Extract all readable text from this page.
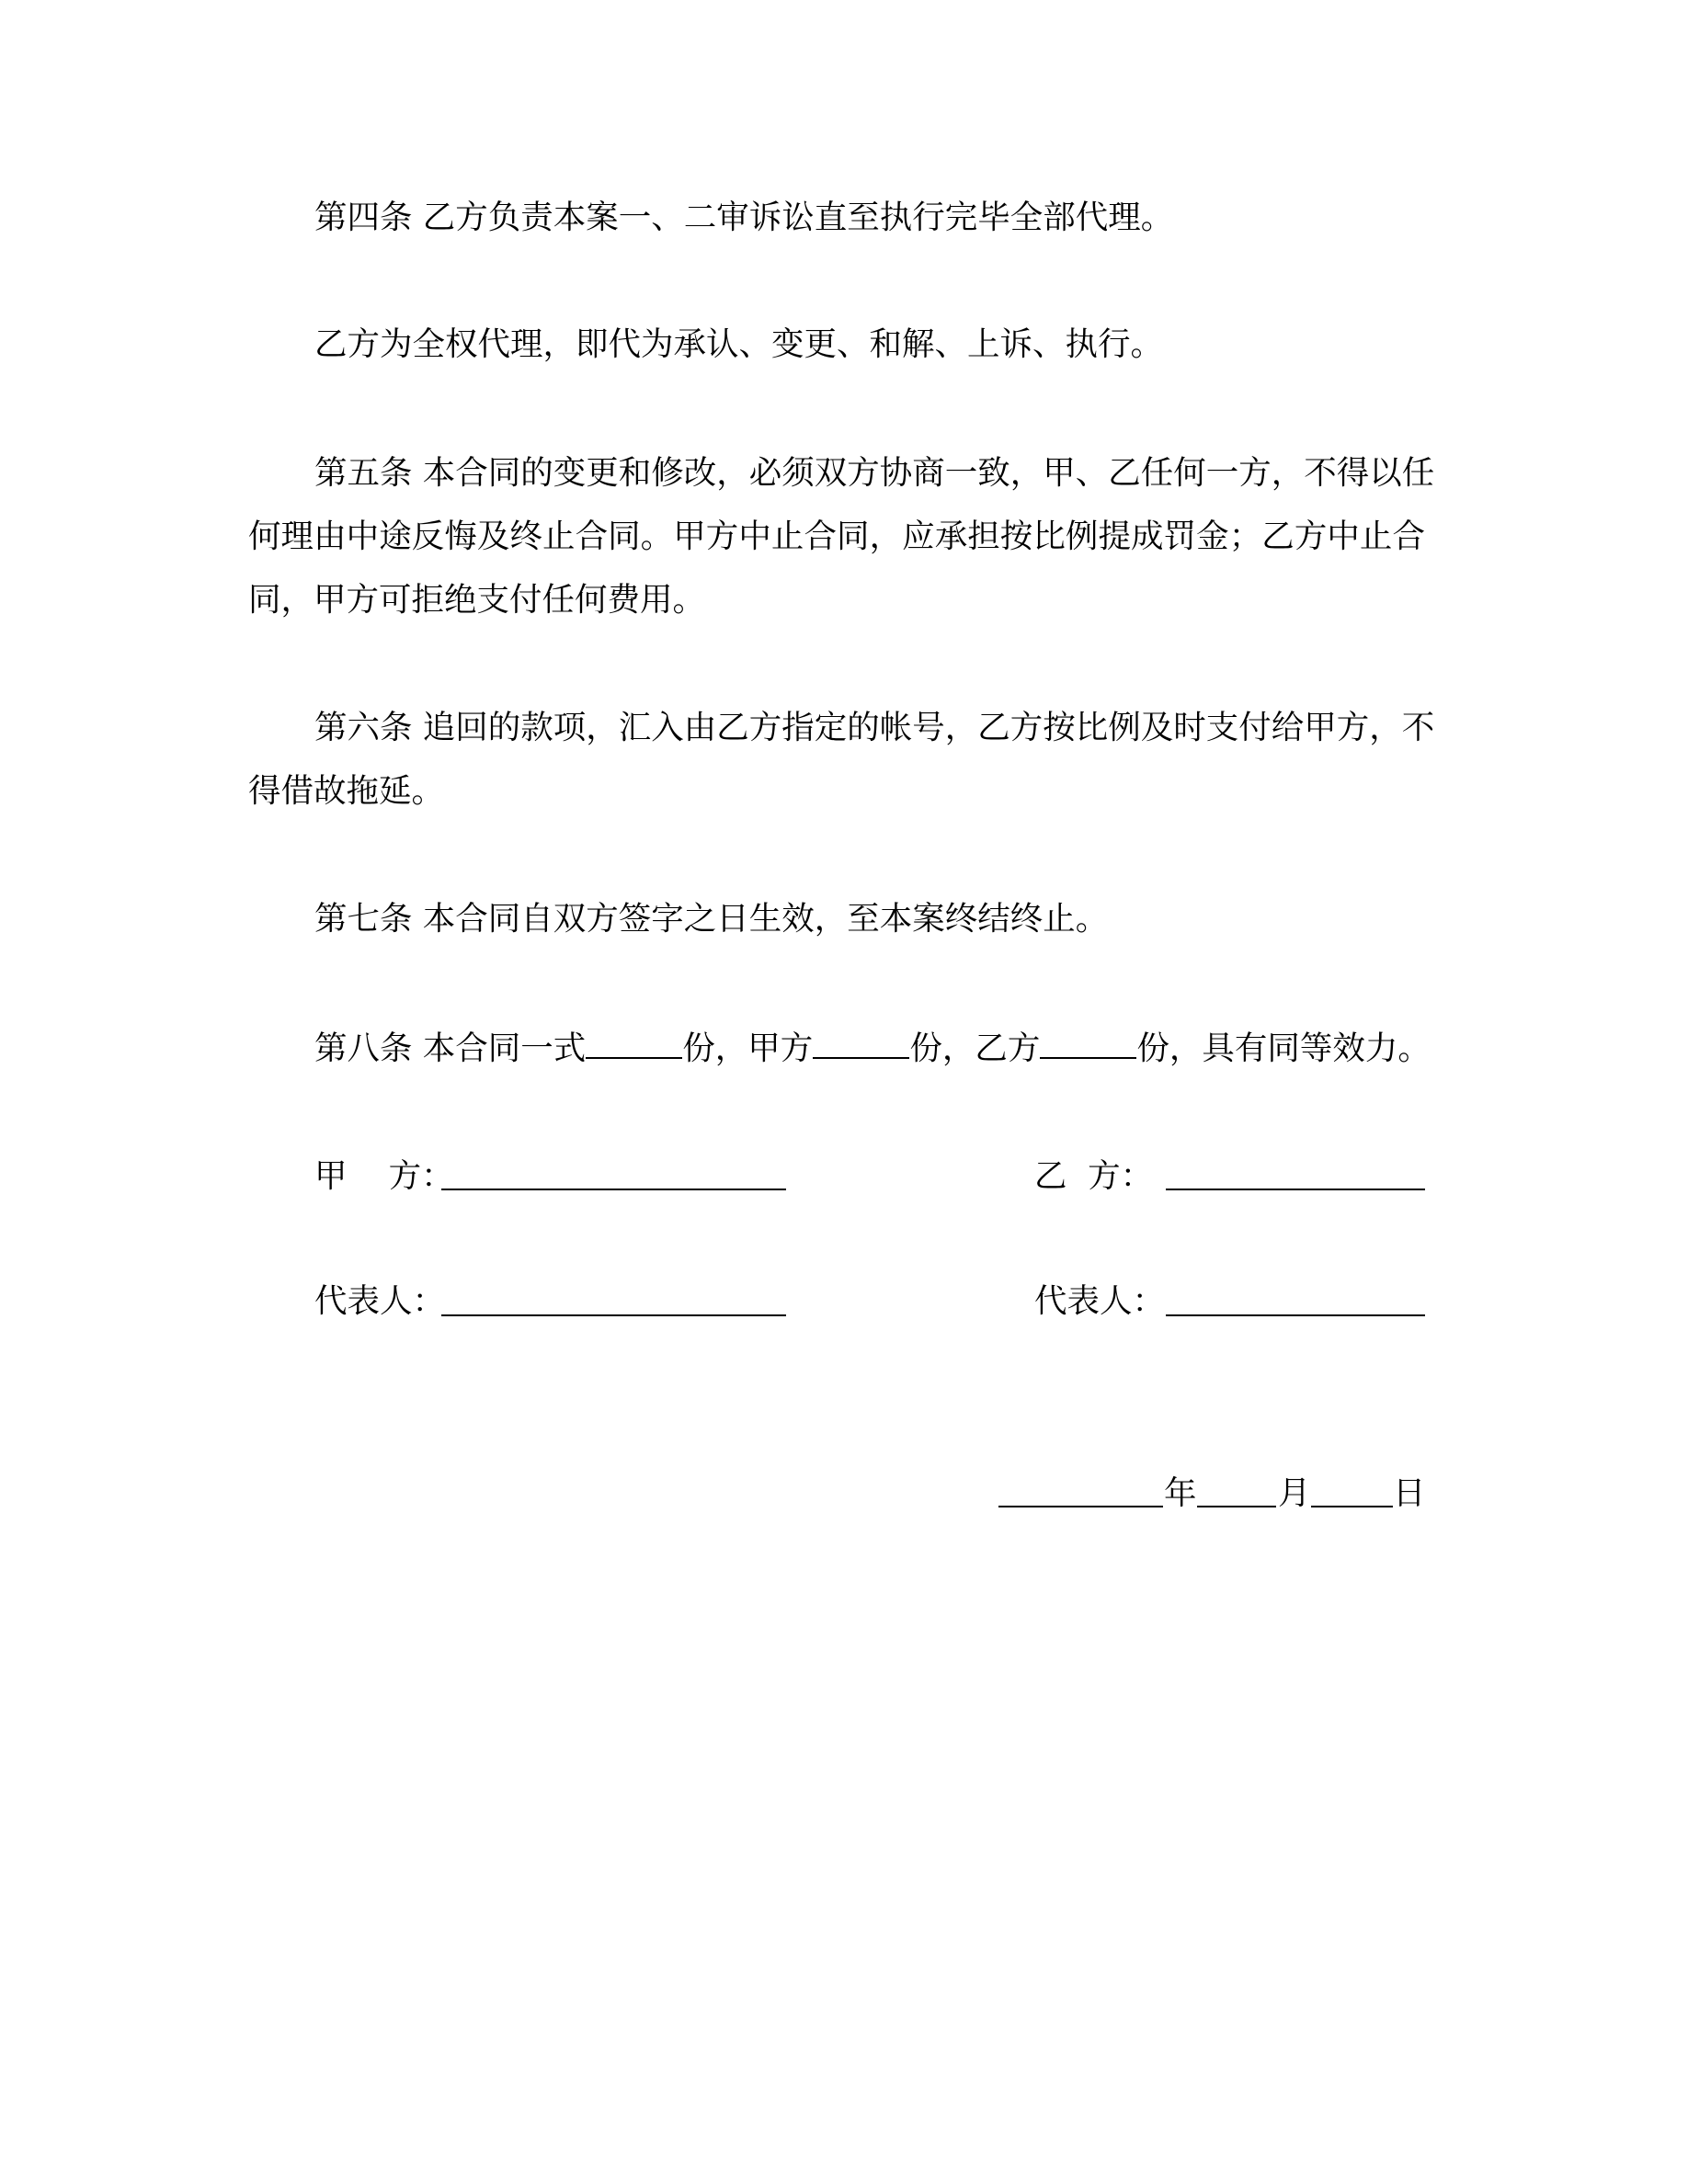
第四条 乙方负责本案一、二审诉讼直至执行完毕全部代理。
乙方为全权代理，即代为承认、变更、和解、上诉、执行。
第五条 本合同的变更和修改，必须双方协商一致，甲、乙任何一方，不得以任
何理由中途反悔及终止合同。甲方中止合同，应承担按比例提成罚金；乙方中止合
同，甲方可拒绝支付任何费用。
第六条 追回的款项，汇入由乙方指定的帐号，乙方按比例及时支付给甲方，不
得借故拖延。
第七条 本合同自双方签字之日生效，至本案终结终止。
第八条 本合同一式	份，甲方	份，乙方	份，具有同等效力。
甲    方：	乙  方：
代表人：	代表人：
年 月	日
